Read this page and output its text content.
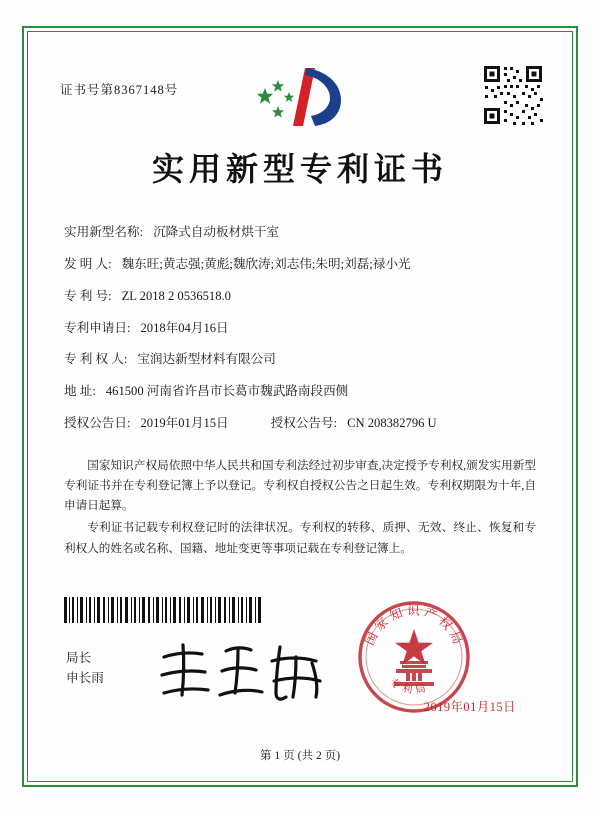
证书号第8367148号
实用新型专利证书
实用新型名称: 沉降式自动板材烘干室
发 明 人: 魏东旺;黄志强;黄彪;魏欣涛;刘志伟;朱明;刘磊;禄小光
专 利 号: ZL 2018 2 0536518.0
专利申请日: 2018年04月16日
专 利 权 人: 宝润达新型材料有限公司
地 址: 461500 河南省许昌市长葛市魏武路南段西侧
授权公告日: 2019年01月15日	授权公告号: CN 208382796 U

国家知识产权局依照中华人民共和国专利法经过初步审查,决定授予专利权,颁发实用新型专利证书并在专利登记簿上予以登记。专利权自授权公告之日起生效。专利权期限为十年,自申请日起算。

专利证书记载专利权登记时的法律状况。专利权的转移、质押、无效、终止、恢复和专利权人的姓名或名称、国籍、地址变更等事项记载在专利登记簿上。

局长
申长雨
国家知识产权局
专利局
2019年01月15日
第 1 页 (共 2 页)
